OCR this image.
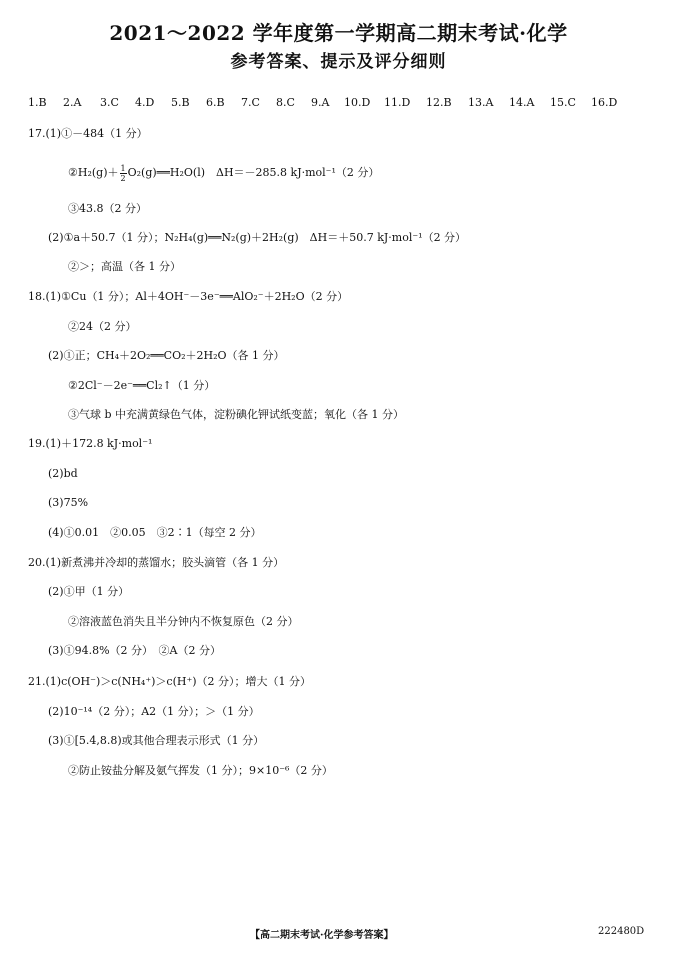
2021～2022 学年度第一学期高二期末考试·化学
参考答案、提示及评分细则
1.B 2.A 3.C 4.D 5.B 6.B 7.C 8.C 9.A 10.D 11.D 12.B 13.A 14.A 15.C 16.D
17.(1)①－484（1 分）
②H₂(g)＋ $\frac{1}{2}$ O₂(g)══H₂O(l)　ΔH＝－285.8 kJ·mol⁻¹（2 分）
③43.8（2 分）
(2)①a＋50.7（1 分）；N₂H₄(g)══N₂(g)＋2H₂(g)　ΔH＝＋50.7 kJ·mol⁻¹（2 分）
②＞；高温（各 1 分）
18.(1)①Cu（1 分）；Al＋4OH⁻－3e⁻══AlO₂⁻＋2H₂O（2 分）
②24（2 分）
(2)①正；CH₄＋2O₂══CO₂＋2H₂O（各 1 分）
②2Cl⁻－2e⁻══Cl₂↑（1 分）
③气球 b 中充满黄绿色气体，淀粉碘化钾试纸变蓝；氧化（各 1 分）
19.(1)＋172.8 kJ·mol⁻¹
(2)bd
(3)75%
(4)①0.01　②0.05　③2∶1（每空 2 分）
20.(1)新煮沸并冷却的蒸馏水；胶头滴管（各 1 分）
(2)①甲（1 分）
②溶液蓝色消失且半分钟内不恢复原色（2 分）
(3)①94.8%（2 分）　②A（2 分）
21.(1)c(OH⁻)＞c(NH₄⁺)＞c(H⁺)（2 分）；增大（1 分）
(2)10⁻¹⁴（2 分）；A2（1 分）；＞（1 分）
(3)①[5.4,8.8)或其他合理表示形式（1 分）
②防止铵盐分解及氨气挥发（1 分）；9×10⁻⁶（2 分）
【高二期末考试·化学参考答案】	222480D
